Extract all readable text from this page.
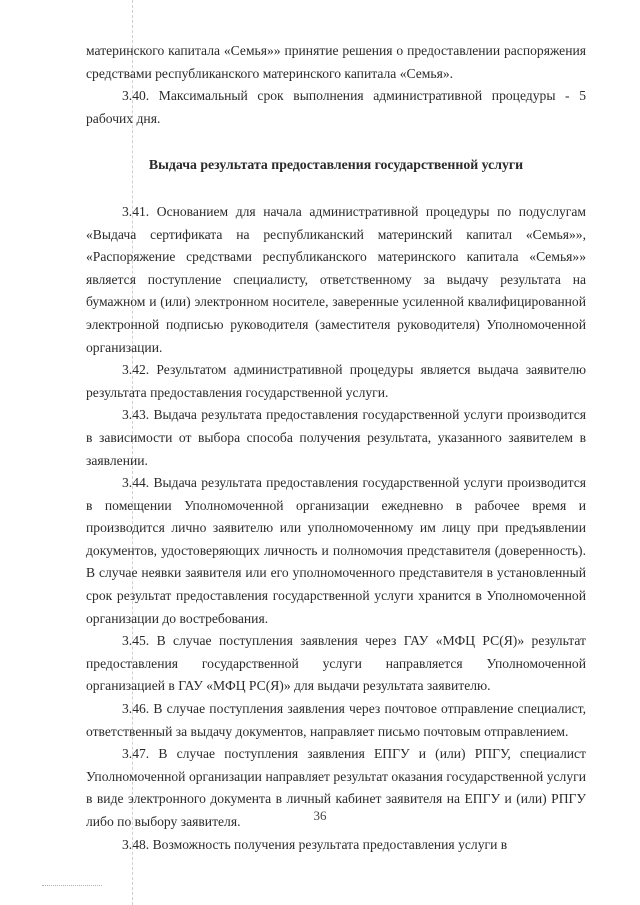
материнского капитала «Семья»» принятие решения о предоставлении распоряжения средствами республиканского материнского капитала «Семья».

3.40. Максимальный срок выполнения административной процедуры - 5 рабочих дня.

Выдача результата предоставления государственной услуги

3.41. Основанием для начала административной процедуры по подуслугам «Выдача сертификата на республиканский материнский капитал «Семья»», «Распоряжение средствами республиканского материнского капитала «Семья»» является поступление специалисту, ответственному за выдачу результата на бумажном и (или) электронном носителе, заверенные усиленной квалифицированной электронной подписью руководителя (заместителя руководителя) Уполномоченной организации.

3.42. Результатом административной процедуры является выдача заявителю результата предоставления государственной услуги.

3.43. Выдача результата предоставления государственной услуги производится в зависимости от выбора способа получения результата, указанного заявителем в заявлении.

3.44. Выдача результата предоставления государственной услуги производится в помещении Уполномоченной организации ежедневно в рабочее время и производится лично заявителю или уполномоченному им лицу при предъявлении документов, удостоверяющих личность и полномочия представителя (доверенность). В случае неявки заявителя или его уполномоченного представителя в установленный срок результат предоставления государственной услуги хранится в Уполномоченной организации до востребования.

3.45. В случае поступления заявления через ГАУ «МФЦ РС(Я)» результат предоставления государственной услуги направляется Уполномоченной организацией в ГАУ «МФЦ РС(Я)» для выдачи результата заявителю.

3.46. В случае поступления заявления через почтовое отправление специалист, ответственный за выдачу документов, направляет письмо почтовым отправлением.

3.47. В случае поступления заявления ЕПГУ и (или) РПГУ, специалист Уполномоченной организации направляет результат оказания государственной услуги в виде электронного документа в личный кабинет заявителя на ЕПГУ и (или) РПГУ либо по выбору заявителя.

3.48. Возможность получения результата предоставления услуги в

36
